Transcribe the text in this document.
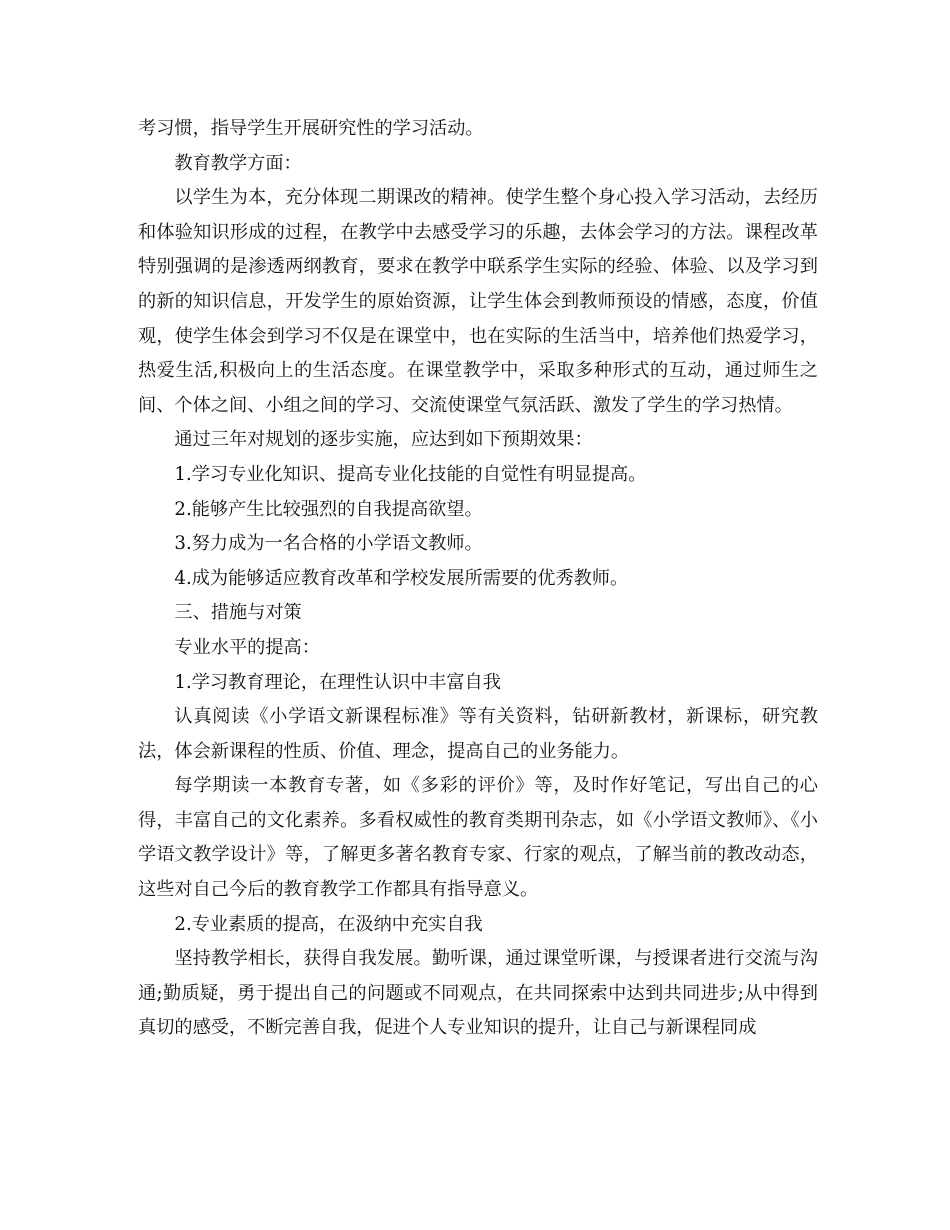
考习惯，指导学生开展研究性的学习活动。

教育教学方面：

以学生为本，充分体现二期课改的精神。使学生整个身心投入学习活动，去经历和体验知识形成的过程，在教学中去感受学习的乐趣，去体会学习的方法。课程改革特别强调的是渗透两纲教育，要求在教学中联系学生实际的经验、体验、以及学习到的新的知识信息，开发学生的原始资源，让学生体会到教师预设的情感，态度，价值观，使学生体会到学习不仅是在课堂中，也在实际的生活当中，培养他们热爱学习，热爱生活,积极向上的生活态度。在课堂教学中，采取多种形式的互动，通过师生之间、个体之间、小组之间的学习、交流使课堂气氛活跃、激发了学生的学习热情。

通过三年对规划的逐步实施，应达到如下预期效果：

1.学习专业化知识、提高专业化技能的自觉性有明显提高。

2.能够产生比较强烈的自我提高欲望。

3.努力成为一名合格的小学语文教师。

4.成为能够适应教育改革和学校发展所需要的优秀教师。

三、措施与对策

专业水平的提高：

1.学习教育理论，在理性认识中丰富自我

认真阅读《小学语文新课程标准》等有关资料，钻研新教材，新课标，研究教法，体会新课程的性质、价值、理念，提高自己的业务能力。

每学期读一本教育专著，如《多彩的评价》等，及时作好笔记，写出自己的心得，丰富自己的文化素养。多看权威性的教育类期刊杂志，如《小学语文教师》、《小学语文教学设计》等，了解更多著名教育专家、行家的观点，了解当前的教改动态，这些对自己今后的教育教学工作都具有指导意义。

2.专业素质的提高，在汲纳中充实自我

坚持教学相长，获得自我发展。勤听课，通过课堂听课，与授课者进行交流与沟通;勤质疑，勇于提出自己的问题或不同观点，在共同探索中达到共同进步;从中得到真切的感受，不断完善自我，促进个人专业知识的提升，让自己与新课程同成
